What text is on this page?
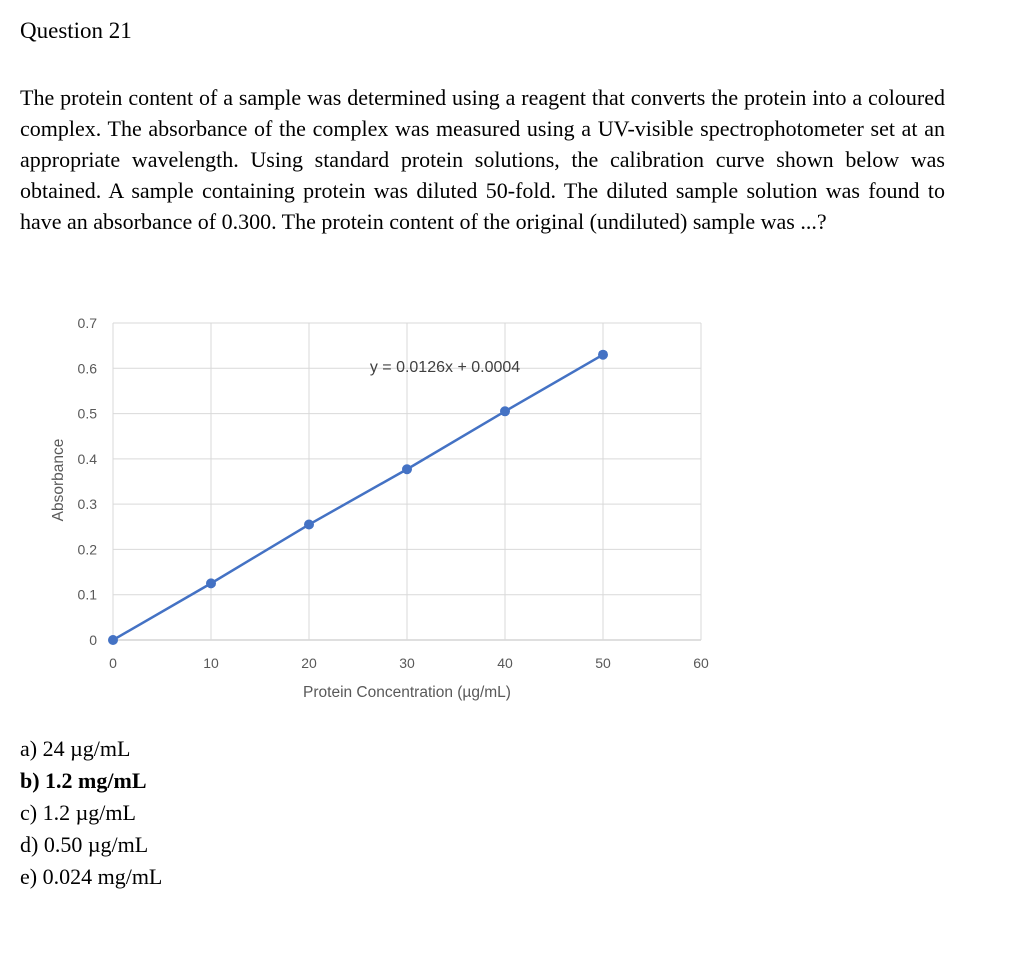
Question 21

The protein content of a sample was determined using a reagent that converts the protein into a coloured complex. The absorbance of the complex was measured using a UV-visible spectrophotometer set at an appropriate wavelength. Using standard protein solutions, the calibration curve shown below was obtained. A sample containing protein was diluted 50-fold. The diluted sample solution was found to have an absorbance of 0.300. The protein content of the original (undiluted) sample was ...?

0
0.1
0.2
0.3
0.4
0.5
0.6
0.7
0	10	20	30	40	50	60
y = 0.0126x + 0.0004
Protein Concentration (µg/mL)
Absorbance
a) 24 µg/mL
b) 1.2 mg/mL
c) 1.2 µg/mL
d) 0.50 µg/mL
e) 0.024 mg/mL
